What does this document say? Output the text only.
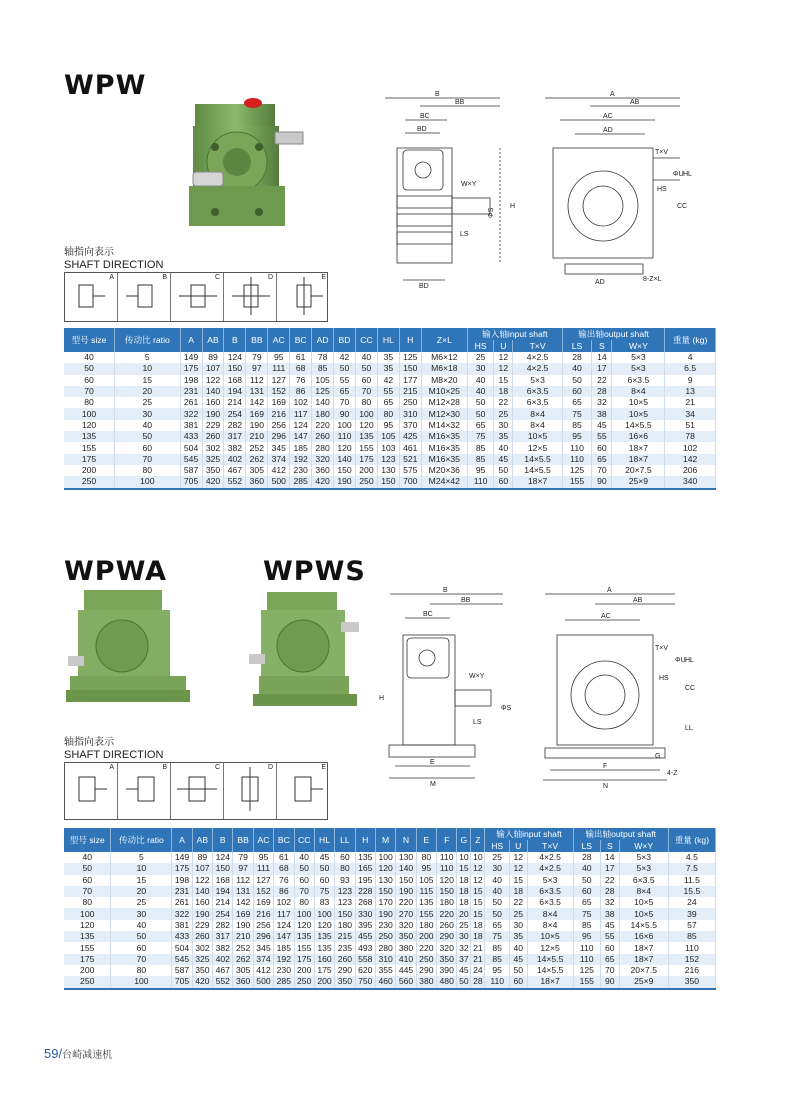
WPW
WPWA	WPWS
B
BB
BC
BD
W×Y
ΦS
LS
H
BD
A
AB
AC
AD
T×V
ΦU HL
HS
CC
AD	8-Z×L
轴指向表示
SHAFT DIRECTION
A	B	C	D	E
型号 size	传动比 ratio	A	AB	B	BB	AC	BC	AD	BD	CC	HL	H	Z×L	输入轴input shaft			输出轴output shaft			重量 (kg)
														HS	U	T×V	LS	S	W×Y	
40	5	149	89	124	79	95	61	78	42	40	35	125	M6×12	25	12	4×2.5	28	14	5×3	4
50	10	175	107	150	97	111	68	85	50	50	35	150	M6×18	30	12	4×2.5	40	17	5×3	6.5
60	15	198	122	168	112	127	76	105	55	60	42	177	M8×20	40	15	5×3	50	22	6×3.5	9
70	20	231	140	194	131	152	86	125	65	70	55	215	M10×25	40	18	6×3.5	60	28	8×4	13
80	25	261	160	214	142	169	102	140	70	80	65	250	M12×28	50	22	6×3.5	65	32	10×5	21
100	30	322	190	254	169	216	117	180	90	100	80	310	M12×30	50	25	8×4	75	38	10×5	34
120	40	381	229	282	190	256	124	220	100	120	95	370	M14×32	65	30	8×4	85	45	14×5.5	51
135	50	433	260	317	210	296	147	260	110	135	105	425	M16×35	75	35	10×5	95	55	16×6	78
155	60	504	302	382	252	345	185	280	120	155	103	461	M16×35	85	40	12×5	110	60	18×7	102
175	70	545	325	402	262	374	192	320	140	175	123	521	M16×35	85	45	14×5.5	110	65	18×7	142
200	80	587	350	467	305	412	230	360	150	200	130	575	M20×36	95	50	14×5.5	125	70	20×7.5	206
250	100	705	420	552	360	500	285	420	190	250	150	700	M24×42	110	60	18×7	155	90	25×9	340
B
BB
BC
W×Y
ΦS
LS
H
E
M
A
AB
AC
T×V
ΦU HL
HS
CC
LL
G
F
N
4-Z
轴指向表示
SHAFT DIRECTION
A	B	C	D	E
型号 size	传动比 ratio	A	AB	B	BB	AC	BC	CC	HL	LL	H	M	N	E	F	G	Z	输入轴input shaft			输出轴output shaft			重量 (kg)
																		HS	U	T×V	LS	S	W×Y	
40	5	149	89	124	79	95	61	40	45	60	135	100	130	80	110	10	10	25	12	4×2.5	28	14	5×3	4.5
50	10	175	107	150	97	111	68	50	50	80	165	120	140	95	110	15	12	30	12	4×2.5	40	17	5×3	7.5
60	15	198	122	168	112	127	76	60	60	93	195	130	150	105	120	18	12	40	15	5×3	50	22	6×3.5	11.5
70	20	231	140	194	131	152	86	70	75	123	228	150	190	115	150	18	15	40	18	6×3.5	60	28	8×4	15.5
80	25	261	160	214	142	169	102	80	83	123	268	170	220	135	180	18	15	50	22	6×3.5	65	32	10×5	24
100	30	322	190	254	169	216	117	100	100	150	330	190	270	155	220	20	15	50	25	8×4	75	38	10×5	39
120	40	381	229	282	190	256	124	120	120	180	395	230	320	180	260	25	18	65	30	8×4	85	45	14×5.5	57
135	50	433	260	317	210	296	147	135	135	215	455	250	350	200	290	30	18	75	35	10×5	95	55	16×6	85
155	60	504	302	382	252	345	185	155	135	235	493	280	380	220	320	32	21	85	40	12×5	110	60	18×7	110
175	70	545	325	402	262	374	192	175	160	260	558	310	410	250	350	37	21	85	45	14×5.5	110	65	18×7	152
200	80	587	350	467	305	412	230	200	175	290	620	355	445	290	390	45	24	95	50	14×5.5	125	70	20×7.5	216
250	100	705	420	552	360	500	285	250	200	350	750	460	560	380	480	50	28	110	60	18×7	155	90	25×9	350
59/台崎减速机
